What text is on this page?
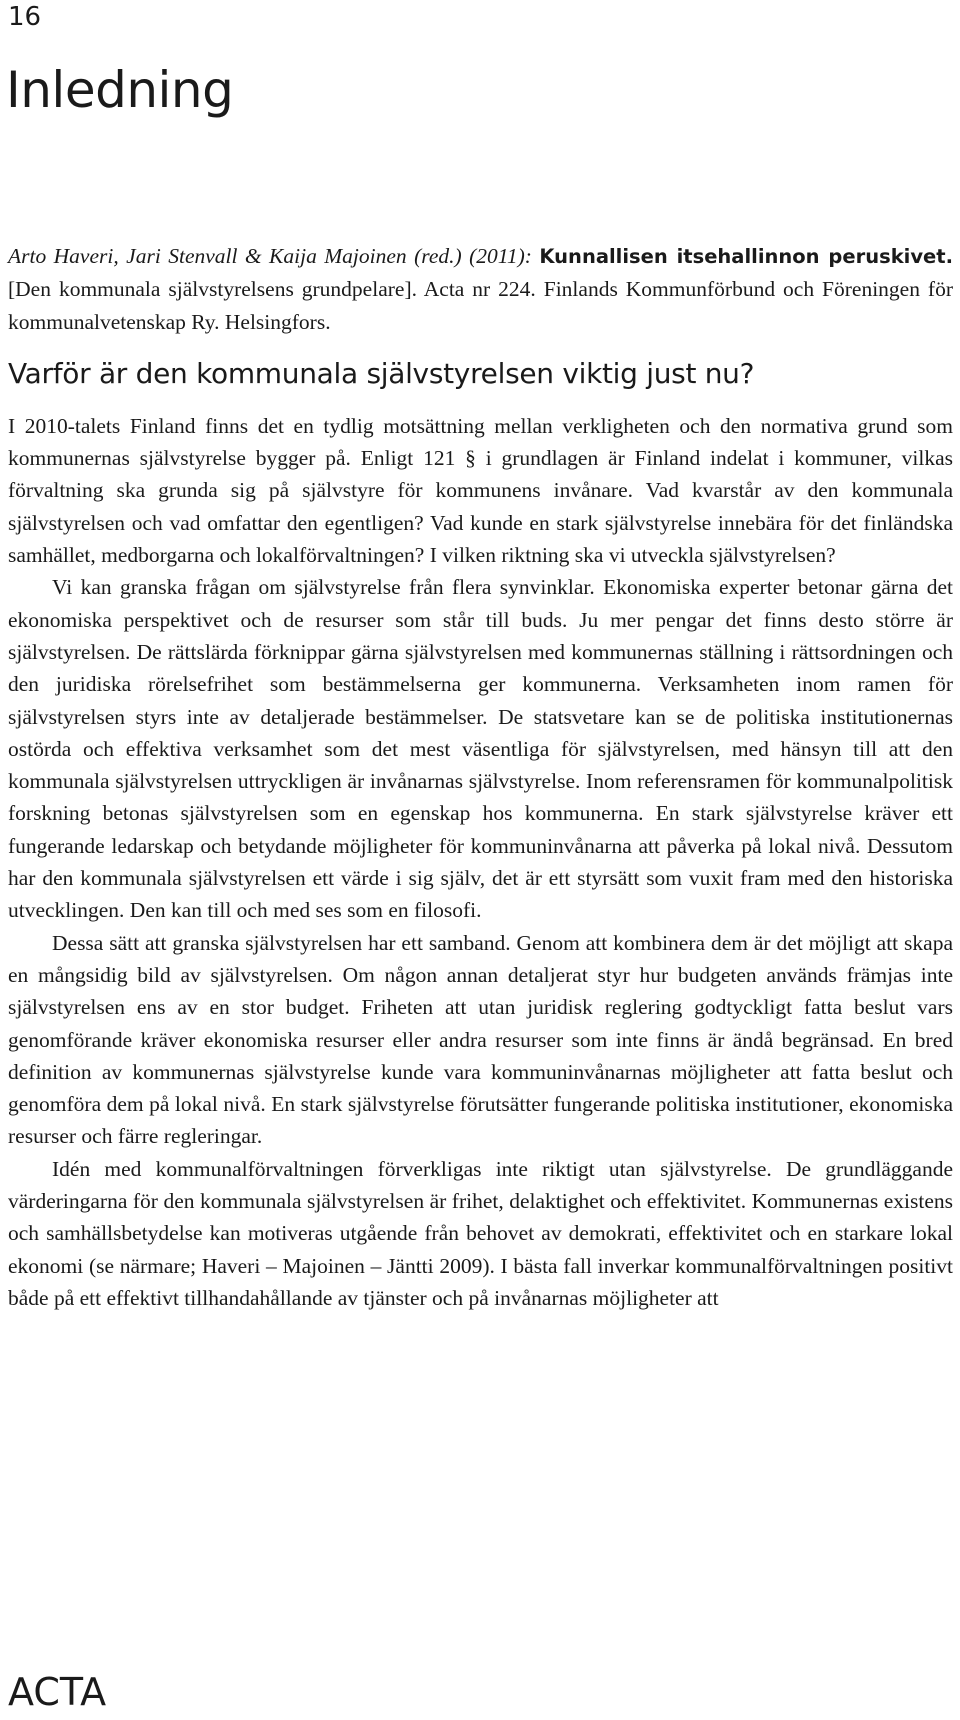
16
Inledning

Arto Haveri, Jari Stenvall & Kaija Majoinen (red.) (2011): Kunnallisen itsehallinnon peruskivet. [Den kommunala självstyrelsens grundpelare]. Acta nr 224. Finlands Kommunförbund och Föreningen för kommunalvetenskap Ry. Helsingfors.

Varför är den kommunala självstyrelsen viktig just nu?

I 2010-talets Finland finns det en tydlig motsättning mellan verkligheten och den normativa grund som kommunernas självstyrelse bygger på. Enligt 121 § i grundlagen är Finland indelat i kommuner, vilkas förvaltning ska grunda sig på självstyre för kommunens invånare. Vad kvarstår av den kommunala självstyrelsen och vad omfattar den egentligen? Vad kunde en stark självstyrelse innebära för det finländska samhället, medborgarna och lokalförvaltningen? I vilken riktning ska vi utveckla självstyrelsen?

Vi kan granska frågan om självstyrelse från flera synvinklar. Ekonomiska experter betonar gärna det ekonomiska perspektivet och de resurser som står till buds. Ju mer pengar det finns desto större är självstyrelsen. De rättslärda förknippar gärna självstyrelsen med kommunernas ställning i rättsordningen och den juridiska rörelsefrihet som bestämmelserna ger kommunerna. Verksamheten inom ramen för självstyrelsen styrs inte av detaljerade bestämmelser. De statsvetare kan se de politiska institutionernas ostörda och effektiva verksamhet som det mest väsentliga för självstyrelsen, med hänsyn till att den kommunala självstyrelsen uttryckligen är invånarnas självstyrelse. Inom referensramen för kommunalpolitisk forskning betonas självstyrelsen som en egenskap hos kommunerna. En stark självstyrelse kräver ett fungerande ledarskap och betydande möjligheter för kommuninvånarna att påverka på lokal nivå. Dessutom har den kommunala självstyrelsen ett värde i sig själv, det är ett styrsätt som vuxit fram med den historiska utvecklingen. Den kan till och med ses som en filosofi.

Dessa sätt att granska självstyrelsen har ett samband. Genom att kombinera dem är det möjligt att skapa en mångsidig bild av självstyrelsen. Om någon annan detaljerat styr hur budgeten används främjas inte självstyrelsen ens av en stor budget. Friheten att utan juridisk reglering godtyckligt fatta beslut vars genomförande kräver ekonomiska resurser eller andra resurser som inte finns är ändå begränsad. En bred definition av kommunernas självstyrelse kunde vara kommuninvånarnas möjligheter att fatta beslut och genomföra dem på lokal nivå. En stark självstyrelse förutsätter fungerande politiska institutioner, ekonomiska resurser och färre regleringar.

Idén med kommunalförvaltningen förverkligas inte riktigt utan självstyrelse. De grundläggande värderingarna för den kommunala självstyrelsen är frihet, delaktighet och effektivitet. Kommunernas existens och samhällsbetydelse kan motiveras utgående från behovet av demokrati, effektivitet och en starkare lokal ekonomi (se närmare; Haveri – Majoinen – Jäntti 2009). I bästa fall inverkar kommunalförvaltningen positivt både på ett effektivt tillhandahållande av tjänster och på invånarnas möjligheter att

ACTA
